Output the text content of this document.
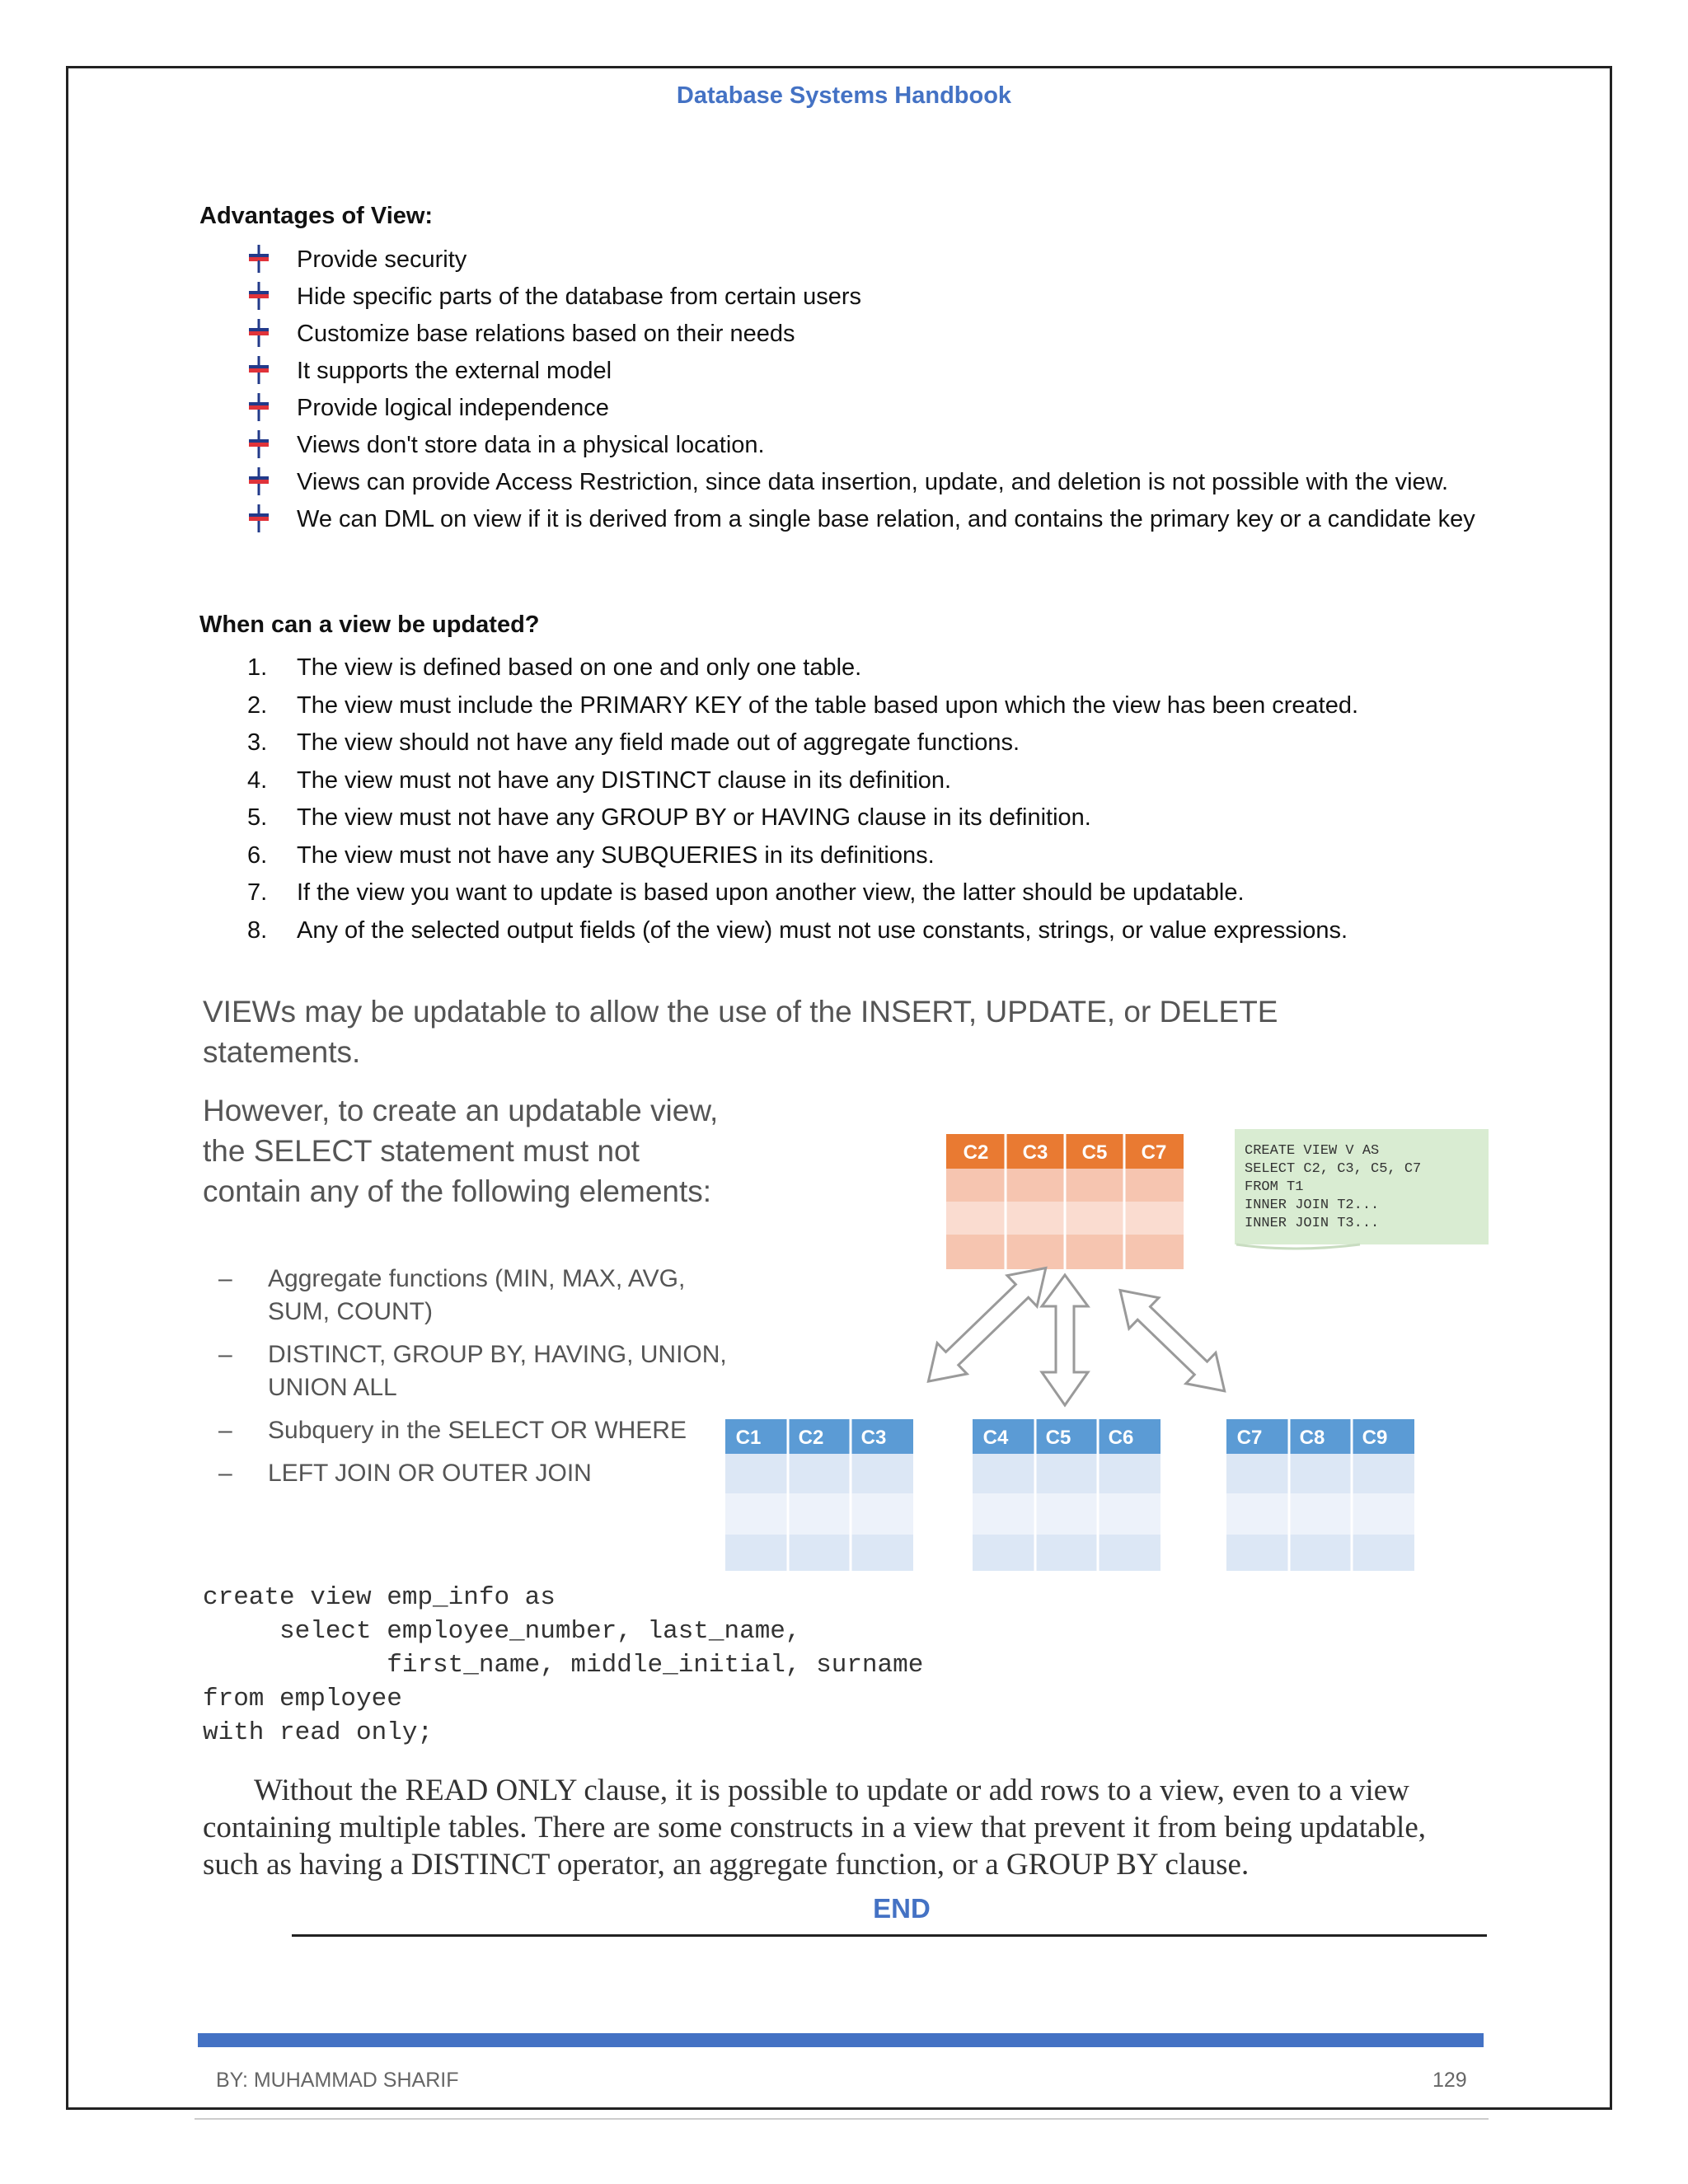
Database Systems Handbook
Advantages of View:
Provide security
Hide specific parts of the database from certain users
Customize base relations based on their needs
It supports the external model
Provide logical independence
Views don't store data in a physical location.
Views can provide Access Restriction, since data insertion, update, and deletion is not possible with the view.
We can DML on view if it is derived from a single base relation, and contains the primary key or a candidate key
When can a view be updated?
1. The view is defined based on one and only one table.
2. The view must include the PRIMARY KEY of the table based upon which the view has been created.
3. The view should not have any field made out of aggregate functions.
4. The view must not have any DISTINCT clause in its definition.
5. The view must not have any GROUP BY or HAVING clause in its definition.
6. The view must not have any SUBQUERIES in its definitions.
7. If the view you want to update is based upon another view, the latter should be updatable.
8. Any of the selected output fields (of the view) must not use constants, strings, or value expressions.
VIEWs may be updatable to allow the use of the INSERT, UPDATE, or DELETE statements.
However, to create an updatable view, the SELECT statement must not contain any of the following elements:
– Aggregate functions (MIN, MAX, AVG, SUM, COUNT)
– DISTINCT, GROUP BY, HAVING, UNION, UNION ALL
– Subquery in the SELECT OR WHERE
– LEFT JOIN OR OUTER JOIN
CREATE VIEW V AS
SELECT C2, C3, C5, C7
FROM T1
INNER JOIN T2...
INNER JOIN T3...
C2 C3 C5 C7
C1 C2 C3	C4 C5 C6	C7 C8 C9
create view emp_info as
select employee_number, last_name,
first_name, middle_initial, surname
from employee
with read only;
Without the READ ONLY clause, it is possible to update or add rows to a view, even to a view containing multiple tables. There are some constructs in a view that prevent it from being updatable, such as having a DISTINCT operator, an aggregate function, or a GROUP BY clause.
END
BY: MUHAMMAD SHARIF	129
